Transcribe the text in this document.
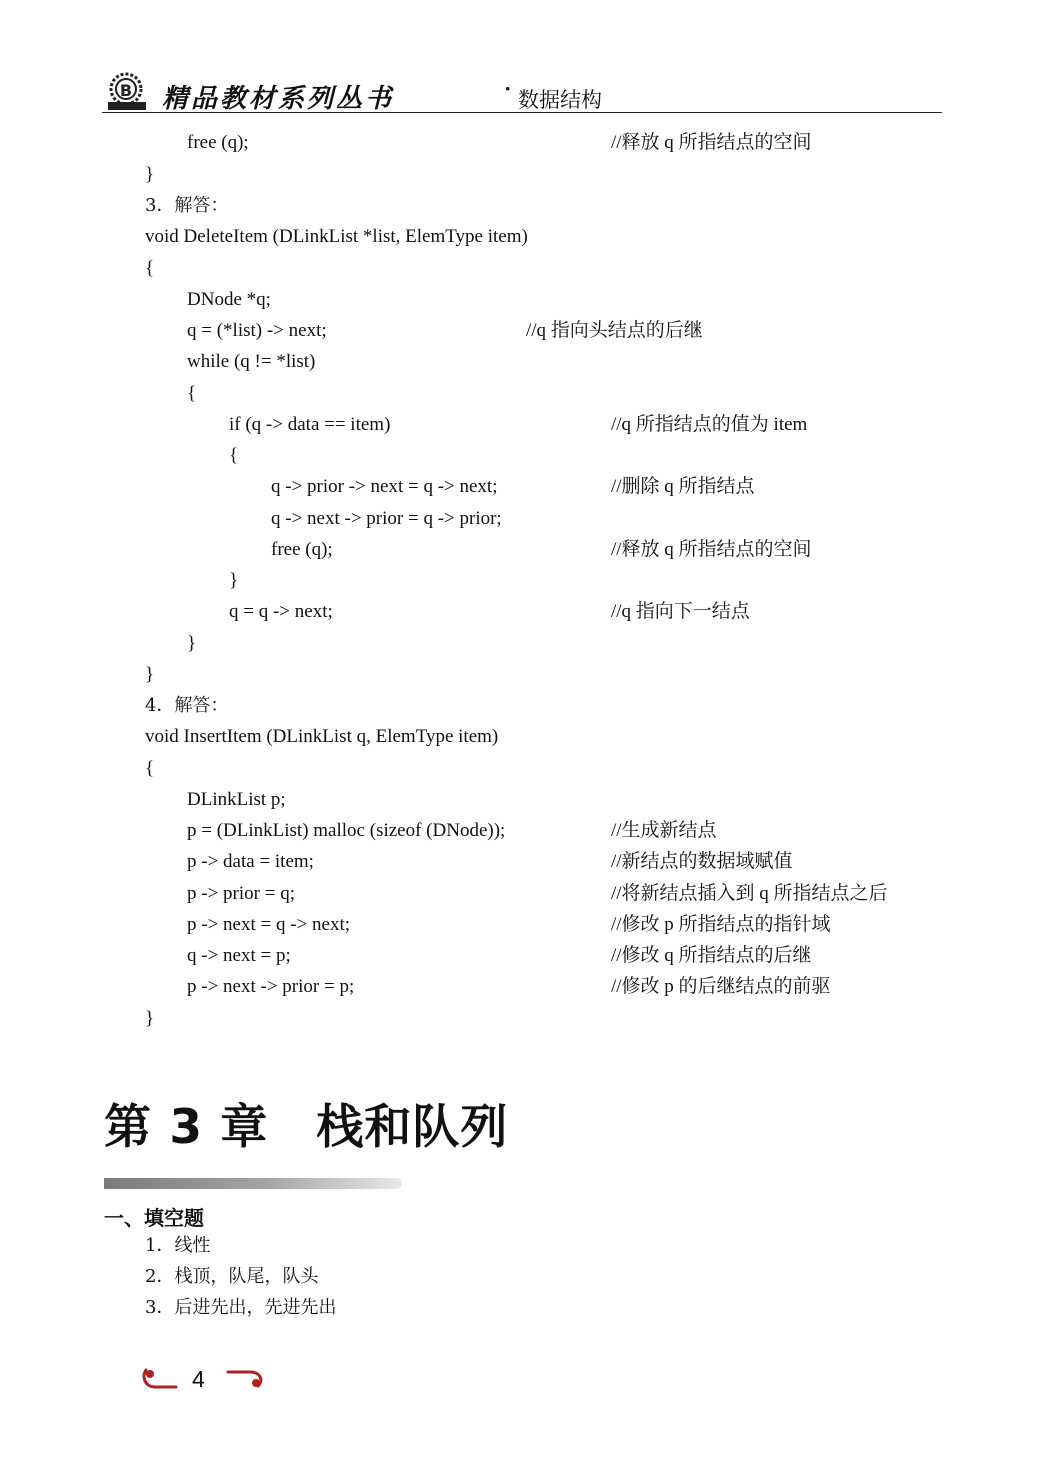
B 精品教材系列丛书	· 数据结构
free (q);	//释放 q 所指结点的空间
}
3．解答：
void DeleteItem (DLinkList *list, ElemType item)
{
DNode *q;
q = (*list) -> next;	//q 指向头结点的后继
while (q != *list)
{
if (q -> data == item)	//q 所指结点的值为 item
{
q -> prior -> next = q -> next;	//删除 q 所指结点
q -> next -> prior = q -> prior;
free (q);	//释放 q 所指结点的空间
}
q = q -> next;	//q 指向下一结点
}
}
4．解答：
void InsertItem (DLinkList q, ElemType item)
{
DLinkList p;
p = (DLinkList) malloc (sizeof (DNode));	//生成新结点
p -> data = item;	//新结点的数据域赋值
p -> prior = q;	//将新结点插入到 q 所指结点之后
p -> next = q -> next;	//修改 p 所指结点的指针域
q -> next = p;	//修改 q 所指结点的后继
p -> next -> prior = p;	//修改 p 的后继结点的前驱
}
第 3 章　栈和队列
一、填空题
1．线性
2．栈顶，队尾，队头
3．后进先出，先进先出
4
